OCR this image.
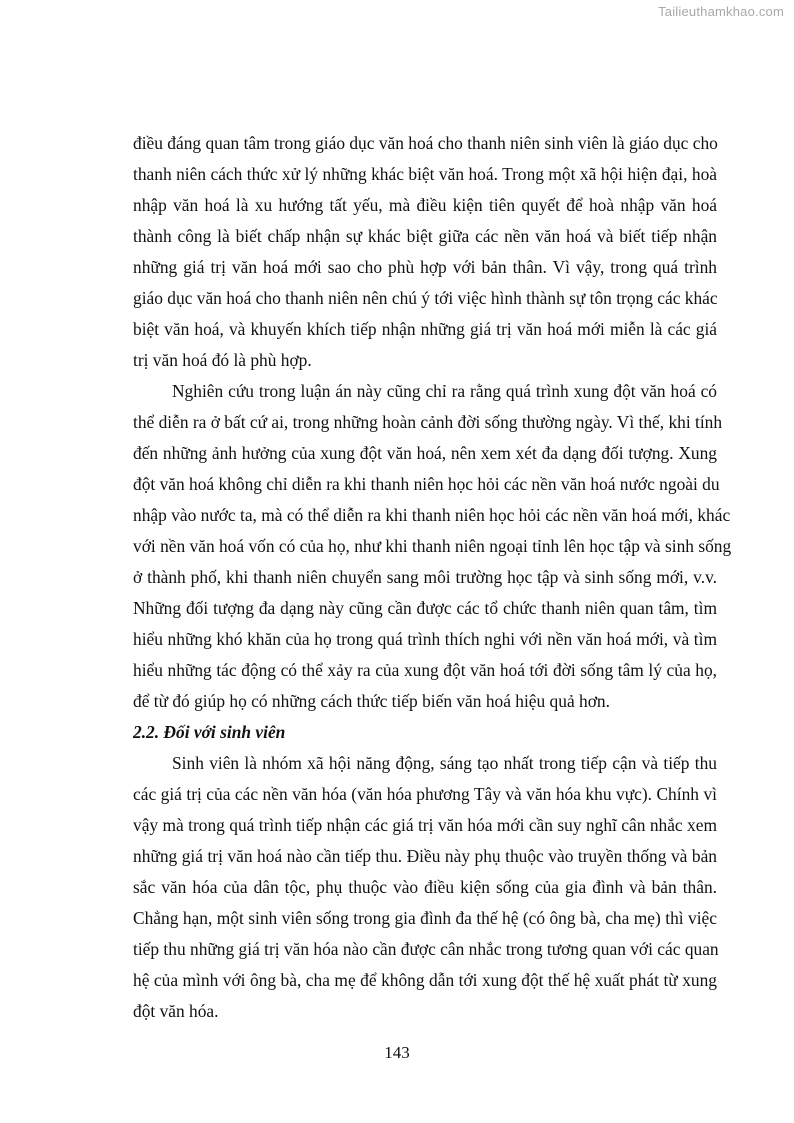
Tailieuthamkhao.com
điều đáng quan tâm trong giáo dục văn hoá cho thanh niên sinh viên là giáo dục cho
thanh niên cách thức xử lý những khác biệt văn hoá. Trong một xã hội hiện đại, hoà
nhập văn hoá là xu hướng tất yếu, mà điều kiện tiên quyết để hoà nhập văn hoá
thành công là biết chấp nhận sự khác biệt giữa các nền văn hoá và biết tiếp nhận
những giá trị văn hoá mới sao cho phù hợp với bản thân. Vì vậy, trong quá trình
giáo dục văn hoá cho thanh niên nên chú ý tới việc hình thành sự tôn trọng các khác
biệt văn hoá, và khuyến khích tiếp nhận những giá trị văn hoá mới miễn là các giá
trị văn hoá đó là phù hợp.
Nghiên cứu trong luận án này cũng chỉ ra rằng quá trình xung đột văn hoá có
thể diễn ra ở bất cứ ai, trong những hoàn cảnh đời sống thường ngày. Vì thế, khi tính
đến những ảnh hưởng của xung đột văn hoá, nên xem xét đa dạng đối tượng. Xung
đột văn hoá không chỉ diễn ra khi thanh niên học hỏi các nền văn hoá nước ngoài du
nhập vào nước ta, mà có thể diễn ra khi thanh niên học hỏi các nền văn hoá mới, khác
với nền văn hoá vốn có của họ, như khi thanh niên ngoại tỉnh lên học tập và sinh sống
ở thành phố, khi thanh niên chuyển sang môi trường học tập và sinh sống mới, v.v.
Những đối tượng đa dạng này cũng cần được các tổ chức thanh niên quan tâm, tìm
hiểu những khó khăn của họ trong quá trình thích nghi với nền văn hoá mới, và tìm
hiểu những tác động có thể xảy ra của xung đột văn hoá tới đời sống tâm lý của họ,
để từ đó giúp họ có những cách thức tiếp biến văn hoá hiệu quả hơn.
2.2. Đối với sinh viên
Sinh viên là nhóm xã hội năng động, sáng tạo nhất trong tiếp cận và tiếp thu
các giá trị của các nền văn hóa (văn hóa phương Tây và văn hóa khu vực). Chính vì
vậy mà trong quá trình tiếp nhận các giá trị văn hóa mới cần suy nghĩ cân nhắc xem
những giá trị văn hoá nào cần tiếp thu. Điều này phụ thuộc vào truyền thống và bản
sắc văn hóa của dân tộc, phụ thuộc vào điều kiện sống của gia đình và bản thân.
Chẳng hạn, một sinh viên sống trong gia đình đa thế hệ (có ông bà, cha mẹ) thì việc
tiếp thu những giá trị văn hóa nào cần được cân nhắc trong tương quan với các quan
hệ của mình với ông bà, cha mẹ để không dẫn tới xung đột thế hệ xuất phát từ xung
đột văn hóa.
143
